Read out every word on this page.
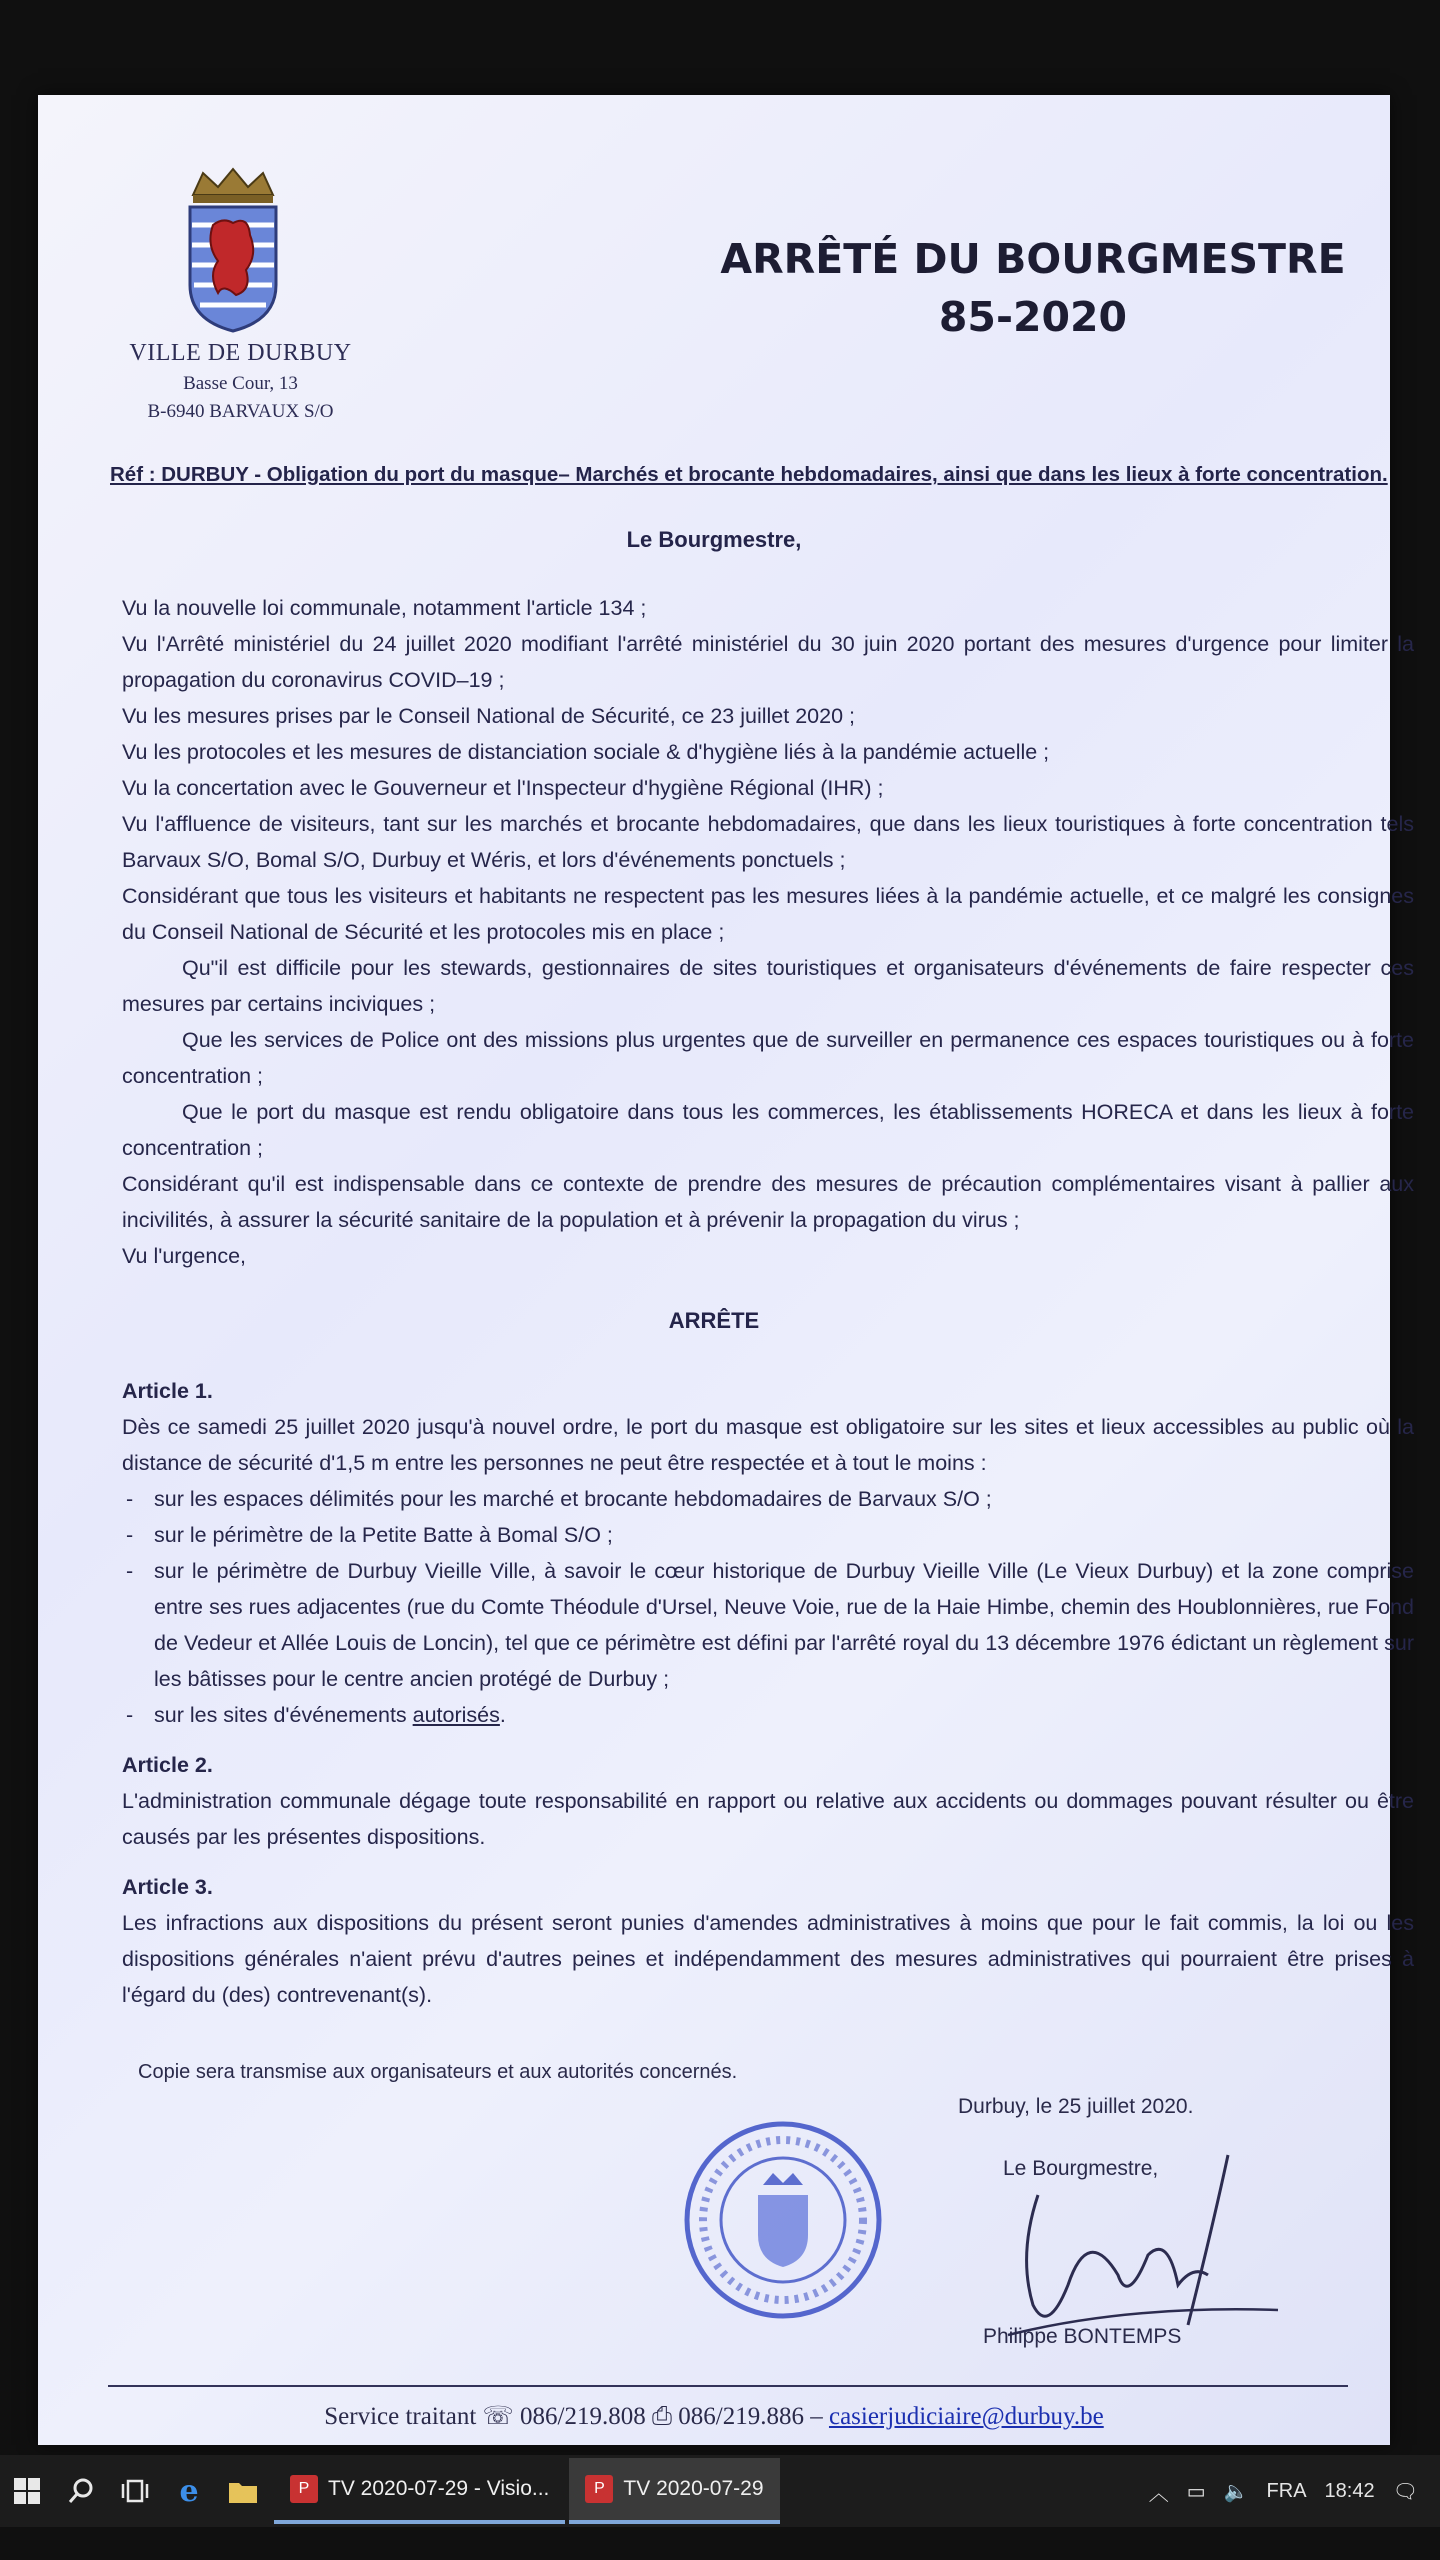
VILLE DE DURBUY
Basse Cour, 13
B-6940 BARVAUX S/O
ARRÊTÉ DU BOURGMESTRE
85-2020
Réf : DURBUY - Obligation du port du masque– Marchés et brocante hebdomadaires, ainsi que dans les lieux à forte concentration.
Le Bourgmestre,

Vu la nouvelle loi communale, notamment l'article 134 ;

Vu l'Arrêté ministériel du 24 juillet 2020 modifiant l'arrêté ministériel du 30 juin 2020 portant des mesures d'urgence pour limiter la propagation du coronavirus COVID–19 ;

Vu les mesures prises par le Conseil National de Sécurité, ce 23 juillet 2020 ;

Vu les protocoles et les mesures de distanciation sociale & d'hygiène liés à la pandémie actuelle ;

Vu la concertation avec le Gouverneur et l'Inspecteur d'hygiène Régional (IHR) ;

Vu l'affluence de visiteurs, tant sur les marchés et brocante hebdomadaires, que dans les lieux touristiques à forte concentration tels Barvaux S/O, Bomal S/O, Durbuy et Wéris, et lors d'événements ponctuels ;

Considérant que tous les visiteurs et habitants ne respectent pas les mesures liées à la pandémie actuelle, et ce malgré les consignes du Conseil National de Sécurité et les protocoles mis en place ;

Qu"il est difficile pour les stewards, gestionnaires de sites touristiques et organisateurs d'événements de faire respecter ces mesures par certains inciviques ;

Que les services de Police ont des missions plus urgentes que de surveiller en permanence ces espaces touristiques ou à forte concentration ;

Que le port du masque est rendu obligatoire dans tous les commerces, les établissements HORECA et dans les lieux à forte concentration ;

Considérant qu'il est indispensable dans ce contexte de prendre des mesures de précaution complémentaires visant à pallier aux incivilités, à assurer la sécurité sanitaire de la population et à prévenir la propagation du virus ;

Vu l'urgence,

ARRÊTE

Article 1.

Dès ce samedi 25 juillet 2020 jusqu'à nouvel ordre, le port du masque est obligatoire sur les sites et lieux accessibles au public où la distance de sécurité d'1,5 m entre les personnes ne peut être respectée et à tout le moins :

- sur les espaces délimités pour les marché et brocante hebdomadaires de Barvaux S/O ;

- sur le périmètre de la Petite Batte à Bomal S/O ;

- sur le périmètre de Durbuy Vieille Ville, à savoir le cœur historique de Durbuy Vieille Ville (Le Vieux Durbuy) et la zone comprise entre ses rues adjacentes (rue du Comte Théodule d'Ursel, Neuve Voie, rue de la Haie Himbe, chemin des Houblonnières, rue Fond de Vedeur et Allée Louis de Loncin), tel que ce périmètre est défini par l'arrêté royal du 13 décembre 1976 édictant un règlement sur les bâtisses pour le centre ancien protégé de Durbuy ;

- sur les sites d'événements autorisés.

Article 2.

L'administration communale dégage toute responsabilité en rapport ou relative aux accidents ou dommages pouvant résulter ou être causés par les présentes dispositions.

Article 3.

Les infractions aux dispositions du présent seront punies d'amendes administratives à moins que pour le fait commis, la loi ou les dispositions générales n'aient prévu d'autres peines et indépendamment des mesures administratives qui pourraient être prises à l'égard du (des) contrevenant(s).

Copie sera transmise aux organisateurs et aux autorités concernés.
Durbuy, le 25 juillet 2020.
Le Bourgmestre,
Philippe BONTEMPS
Service traitant ☏ 086/219.808 ⎙ 086/219.886 – casierjudiciaire@durbuy.be
e	P TV 2020-07-29 - Visio...	P TV 2020-07-29	︿ ▭ 🔈 FRA 18:42 🗨
